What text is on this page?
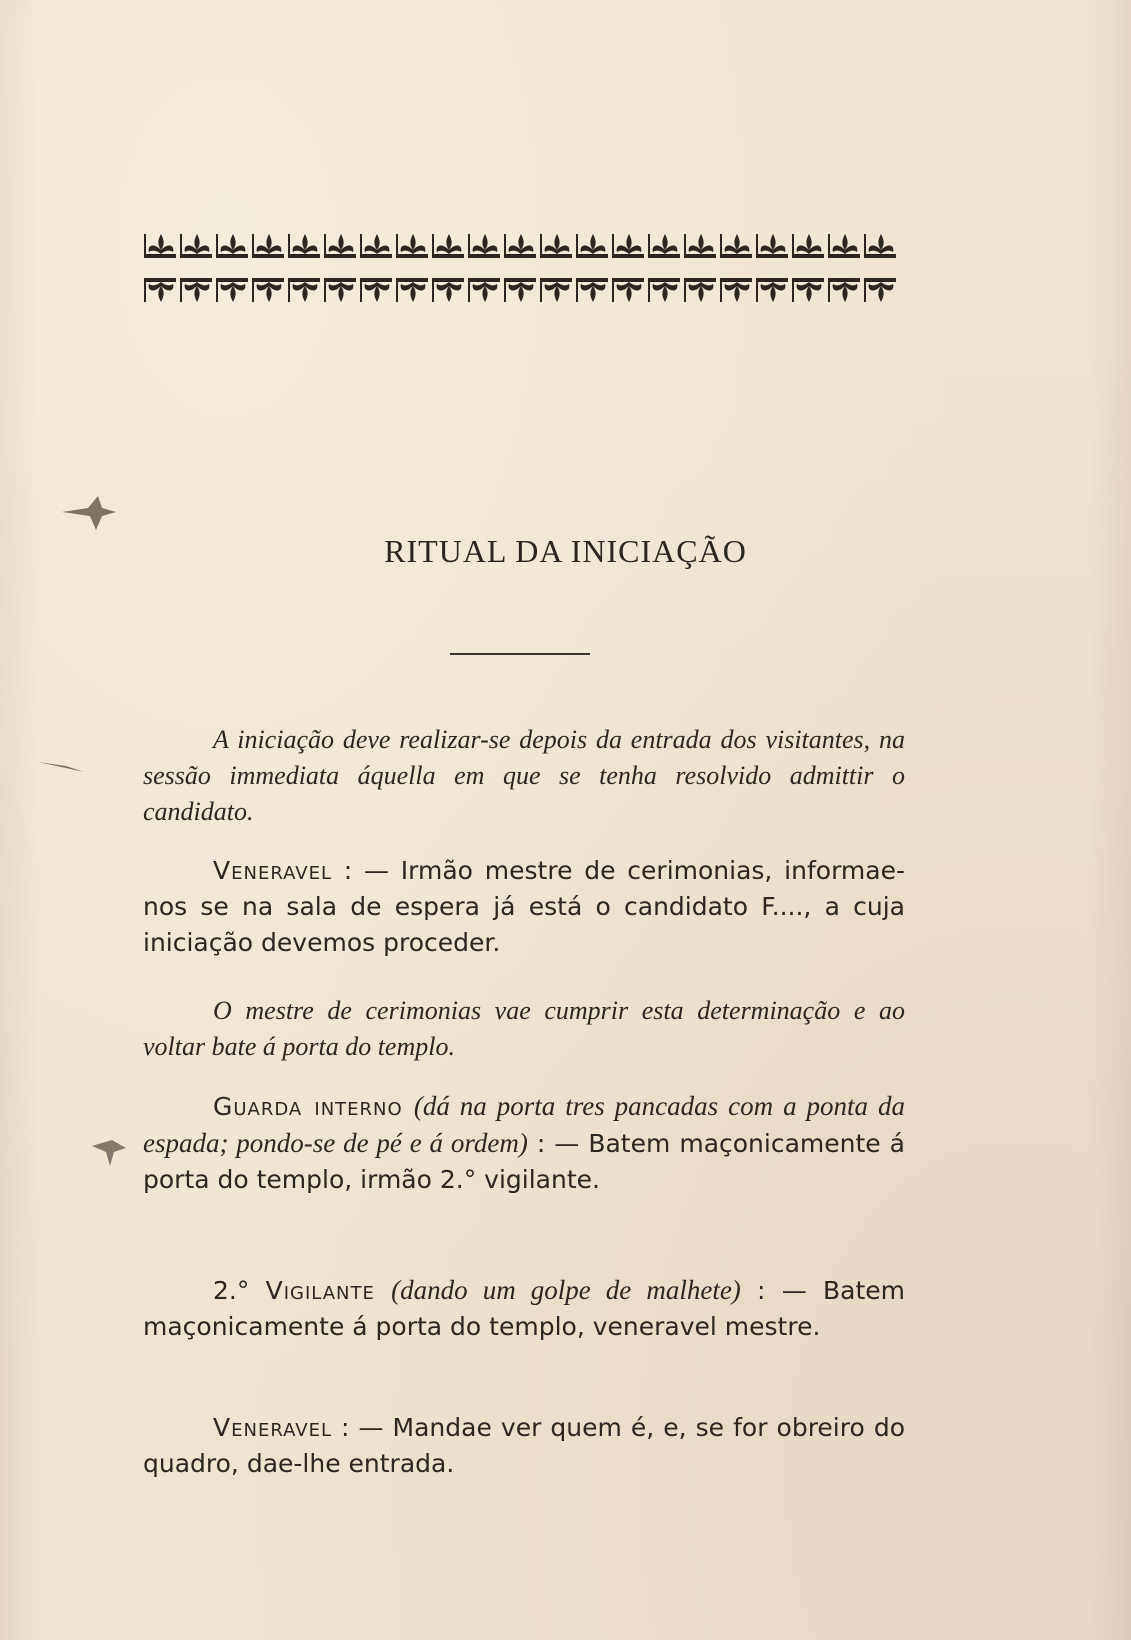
RITUAL DA INICIAÇÃO
A iniciação deve realizar-se depois da entrada dos visitantes, na sessão immediata áquella em que se tenha resolvido admittir o candidato.
Veneravel : — Irmão mestre de cerimonias, informae-nos se na sala de espera já está o candidato F...., a cuja iniciação devemos proceder.
O mestre de cerimonias vae cumprir esta determinação e ao voltar bate á porta do templo.
Guarda interno (dá na porta tres pancadas com a ponta da espada; pondo-se de pé e á ordem) : — Batem maçonicamente á porta do templo, irmão 2.° vigilante.
2.° Vigilante (dando um golpe de malhete) : — Batem maçonicamente á porta do templo, veneravel mestre.
Veneravel : — Mandae ver quem é, e, se for obreiro do quadro, dae-lhe entrada.
